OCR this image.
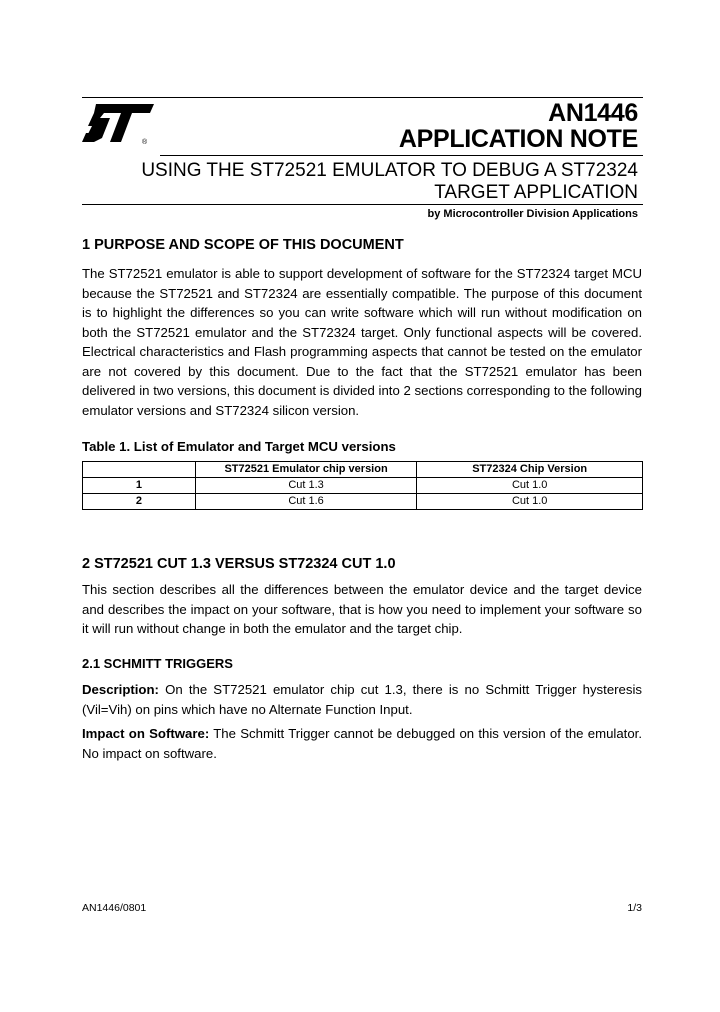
®
AN1446
APPLICATION NOTE
USING THE ST72521 EMULATOR TO DEBUG A ST72324
TARGET APPLICATION
by Microcontroller Division Applications
1 PURPOSE AND SCOPE OF THIS DOCUMENT
The ST72521 emulator is able to support development of software for the ST72324 target MCU because the ST72521 and ST72324 are essentially compatible. The purpose of this document is to highlight the differences so you can write software which will run without modification on both the ST72521 emulator and the ST72324 target. Only functional aspects will be covered. Electrical characteristics and Flash programming aspects that cannot be tested on the emulator are not covered by this document. Due to the fact that the ST72521 emulator has been delivered in two versions, this document is divided into 2 sections corresponding to the following emulator versions and ST72324 silicon version.
Table 1. List of Emulator and Target MCU versions
	ST72521 Emulator chip version	ST72324 Chip Version
1	Cut 1.3	Cut 1.0
2	Cut 1.6	Cut 1.0
2 ST72521 CUT 1.3 VERSUS ST72324 CUT 1.0
This section describes all the differences between the emulator device and the target device and describes the impact on your software, that is how you need to implement your software so it will run without change in both the emulator and the target chip.
2.1 SCHMITT TRIGGERS
Description: On the ST72521 emulator chip cut 1.3, there is no Schmitt Trigger hysteresis (Vil=Vih) on pins which have no Alternate Function Input.
Impact on Software: The Schmitt Trigger cannot be debugged on this version of the emulator. No impact on software.
AN1446/0801	1/3
